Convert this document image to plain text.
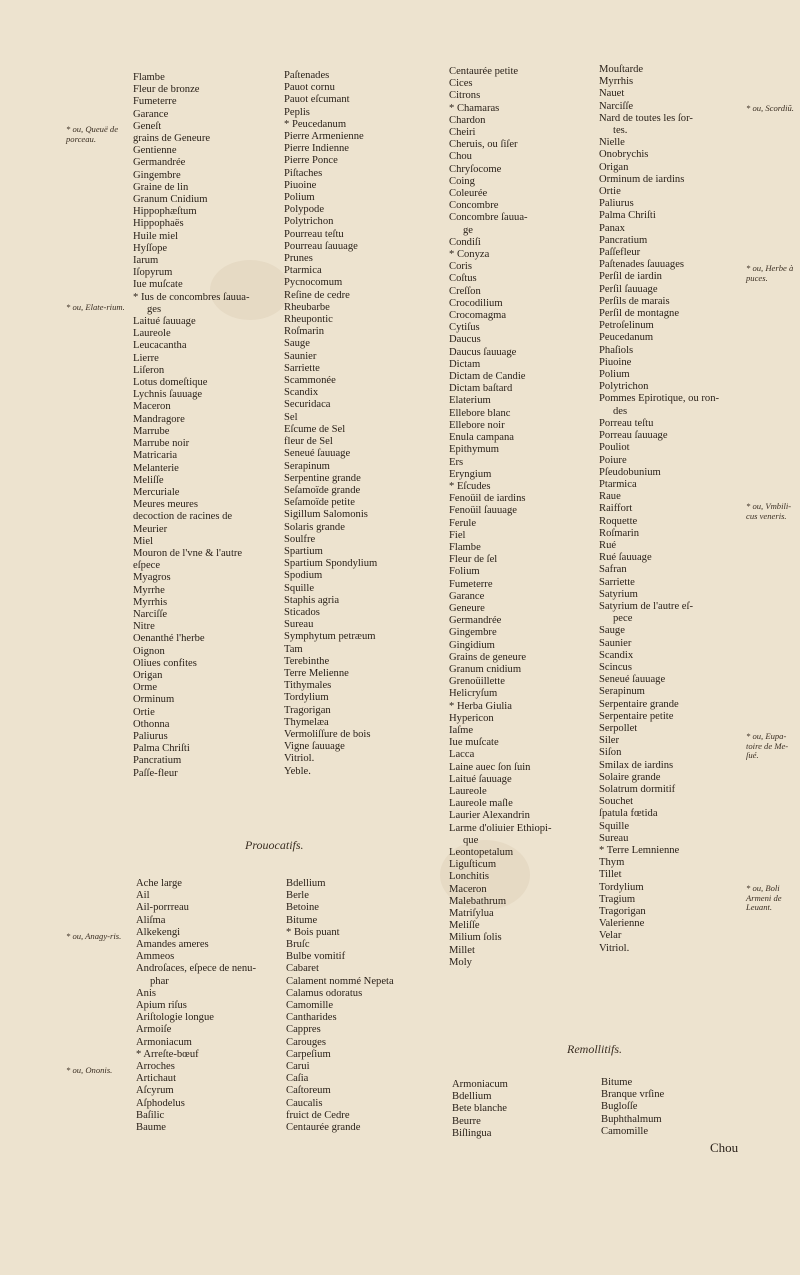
Flambe
Fleur de bronze
Fumeterre
Garance
Geneſt
grains de Geneure
Gentienne
Germandrée
Gingembre
Graine de lin
Granum Cnidium
Hippophæſtum
Hippophaës
Huile miel
Hyſſope
Iarum
Iſopyrum
Iue muſcate
* Ius de concombres ſauua-
ges
Laitué ſauuage
Laureole
Leucacantha
Lierre
Liſeron
Lotus domeſtique
Lychnis ſauuage
Maceron
Mandragore
Marrube
Marrube noir
Matricaria
Melanterie
Meliſſe
Mercuriale
Meures meures
decoction de racines de
Meurier
Miel
Mouron de l'vne & l'autre
eſpece
Myagros
Myrrhe
Myrrhis
Narciſſe
Nitre
Oenanthé l'herbe
Oignon
Oliues confites
Origan
Orme
Orminum
Ortie
Othonna
Paliurus
Palma Chriſti
Pancratium
Paſſe-fleur
Paſtenades
Pauot cornu
Pauot eſcumant
Peplis
* Peucedanum
Pierre Armenienne
Pierre Indienne
Pierre Ponce
Piſtaches
Piuoine
Polium
Polypode
Polytrichon
Pourreau teſtu
Pourreau ſauuage
Prunes
Ptarmica
Pycnocomum
Reſine de cedre
Rheubarbe
Rheupontic
Roſmarin
Sauge
Saunier
Sarriette
Scammonée
Scandix
Securidaca
Sel
Eſcume de Sel
fleur de Sel
Seneué ſauuage
Serapinum
Serpentine grande
Seſamoïde grande
Seſamoïde petite
Sigillum Salomonis
Solaris grande
Soulfre
Spartium
Spartium Spondylium
Spodium
Squille
Staphis agria
Sticados
Sureau
Symphytum petræum
Tam
Terebinthe
Terre Melienne
Tithymales
Tordylium
Tragorigan
Thymelæa
Vermoliſſure de bois
Vigne ſauuage
Vitriol.
Yeble.
Centaurée petite
Cices
Citrons
* Chamaras
Chardon
Cheiri
Cheruis, ou ſiſer
Chou
Chryſocome
Coing
Coleurée
Concombre
Concombre ſauua-
ge
Condiſi
* Conyza
Coris
Coſtus
Creſſon
Crocodilium
Crocomagma
Cytiſus
Daucus
Daucus ſauuage
Dictam
Dictam de Candie
Dictam baſtard
Elaterium
Ellebore blanc
Ellebore noir
Enula campana
Epithymum
Ers
Eryngium
* Eſcudes
Fenoüil de iardins
Fenoüil ſauuage
Ferule
Fiel
Flambe
Fleur de ſel
Folium
Fumeterre
Garance
Geneure
Germandrée
Gingembre
Gingidium
Grains de geneure
Granum cnidium
Grenoüillette
Helicryſum
* Herba Giulia
Hypericon
Iaſme
Iue muſcate
Lacca
Laine auec ſon ſuin
Laitué ſauuage
Laureole
Laureole maſle
Laurier Alexandrin
Larme d'oliuier Ethiopi-
que
Leontopetalum
Liguſticum
Lonchitis
Maceron
Malebathrum
Matriſylua
Meliſſe
Milium ſolis
Millet
Moly
Mouſtarde
Myrrhis
Nauet
Narciſſe
Nard de toutes les ſor-
tes.
Nielle
Onobrychis
Origan
Orminum de iardins
Ortie
Paliurus
Palma Chriſti
Panax
Pancratium
Paſſefleur
Paſtenades ſauuages
Perſil de iardin
Perſil ſauuage
Perſils de marais
Perſil de montagne
Petroſelinum
Peucedanum
Phaſiols
Piuoine
Polium
Polytrichon
Pommes Epirotique, ou ron-
des
Porreau teſtu
Porreau ſauuage
Pouliot
Poiure
Pſeudobunium
Ptarmica
Raue
Raiffort
Roquette
Roſmarin
Rué
Rué ſauuage
Safran
Sarriette
Satyrium
Satyrium de l'autre eſ-
pece
Sauge
Saunier
Scandix
Scincus
Seneué ſauuage
Serapinum
Serpentaire grande
Serpentaire petite
Serpollet
Siler
Siſon
Smilax de iardins
Solaire grande
Solatrum dormitif
Souchet
ſpatula fœtida
Squille
Sureau
* Terre Lemnienne
Thym
Tillet
Tordylium
Tragium
Tragorigan
Valerienne
Velar
Vitriol.
Prouocatifs.
Ache large
Ail
Ail-porrreau
Aliſma
Alkekengi
Amandes ameres
Ammeos
Androſaces, eſpece de nenu-
phar
Anis
Apium riſus
Ariſtologie longue
Armoiſe
Armoniacum
* Arreſte-bœuf
Arroches
Artichaut
Aſcyrum
Aſphodelus
Baſilic
Baume
Bdellium
Berle
Betoine
Bitume
* Bois puant
Bruſc
Bulbe vomitif
Cabaret
Calament nommé Nepeta
Calamus odoratus
Camomille
Cantharides
Cappres
Carouges
Carpeſium
Carui
Caſia
Caſtoreum
Caucalis
fruict de Cedre
Centaurée grande
Remollitifs.
Armoniacum
Bdellium
Bete blanche
Beurre
Biſlingua
Bitume
Branque vrſine
Bugloſſe
Buphthalmum
Camomille
* ou, Queuë de porceau.
* ou, Elate-rium.
* ou, Anagy-ris.
* ou, Ononis.
* ou, Scordiũ.
* ou, Herbe à puces.
* ou, Vmbili-cus veneris.
* ou, Eupa-toire de Me-ſué.
* ou, Boli Armeni de Leuant.
Chou
